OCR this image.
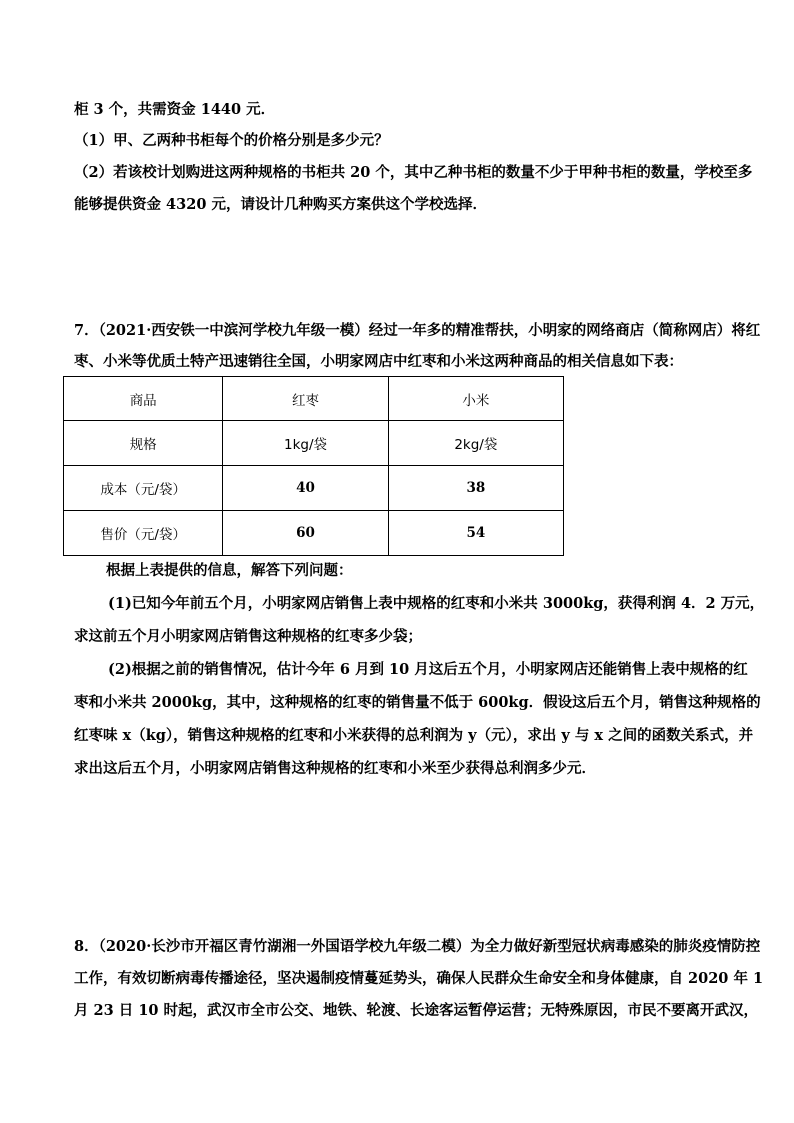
柜 3 个，共需资金 1440 元．
（1）甲、乙两种书柜每个的价格分别是多少元？
（2）若该校计划购进这两种规格的书柜共 20 个，其中乙种书柜的数量不少于甲种书柜的数量，学校至多
能够提供资金 4320 元，请设计几种购买方案供这个学校选择．
7．（2021·西安铁一中滨河学校九年级一模）经过一年多的精准帮扶，小明家的网络商店（简称网店）将红
枣、小米等优质土特产迅速销往全国，小明家网店中红枣和小米这两种商品的相关信息如下表：
商品	红枣	小米
规格	1kg/袋	2kg/袋
成本（元/袋）	40	38
售价（元/袋）	60	54
根据上表提供的信息，解答下列问题：
(1)已知今年前五个月，小明家网店销售上表中规格的红枣和小米共 3000kg，获得利润 4．2 万元，
求这前五个月小明家网店销售这种规格的红枣多少袋；
(2)根据之前的销售情况，估计今年 6 月到 10 月这后五个月，小明家网店还能销售上表中规格的红
枣和小米共 2000kg，其中，这种规格的红枣的销售量不低于 600kg．假设这后五个月，销售这种规格的
红枣味 x（kg），销售这种规格的红枣和小米获得的总利润为 y（元），求出 y 与 x 之间的函数关系式，并
求出这后五个月，小明家网店销售这种规格的红枣和小米至少获得总利润多少元．
8．（2020·长沙市开福区青竹湖湘一外国语学校九年级二模）为全力做好新型冠状病毒感染的肺炎疫情防控
工作，有效切断病毒传播途径，坚决遏制疫情蔓延势头，确保人民群众生命安全和身体健康，自 2020 年 1
月 23 日 10 时起，武汉市全市公交、地铁、轮渡、长途客运暂停运营；无特殊原因，市民不要离开武汉，
